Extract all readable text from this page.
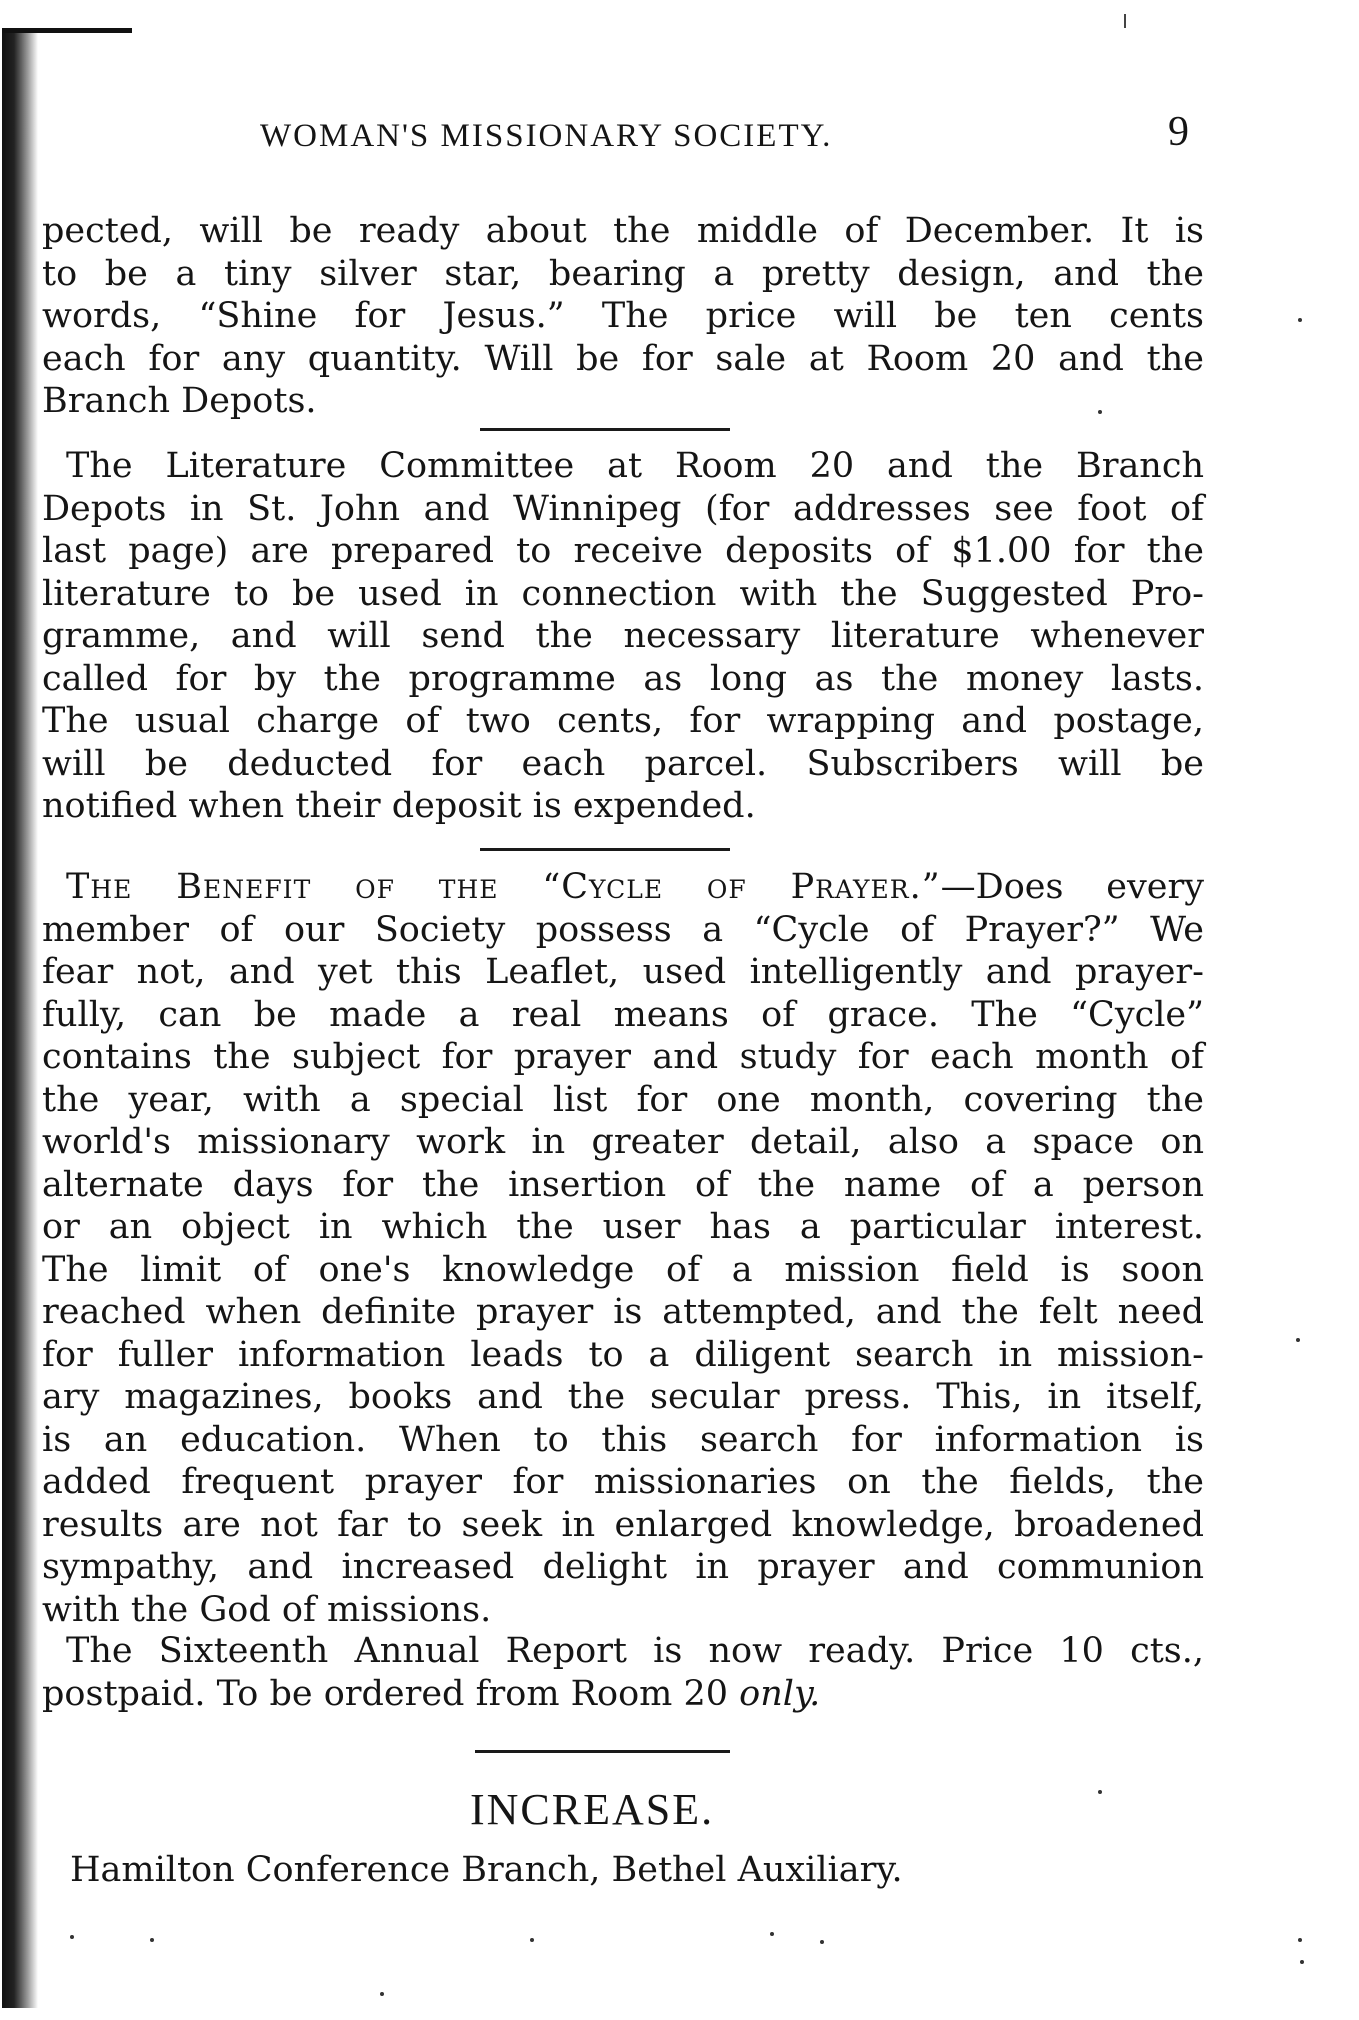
WOMAN'S MISSIONARY SOCIETY.	9
pected, will be ready about the middle of December. It is
to be a tiny silver star, bearing a pretty design, and the
words, “Shine for Jesus.” The price will be ten cents
each for any quantity. Will be for sale at Room 20 and the
Branch Depots.
The Literature Committee at Room 20 and the Branch
Depots in St. John and Winnipeg (for addresses see foot of
last page) are prepared to receive deposits of $1.00 for the
literature to be used in connection with the Suggested Pro-
gramme, and will send the necessary literature whenever
called for by the programme as long as the money lasts.
The usual charge of two cents, for wrapping and postage,
will be deducted for each parcel. Subscribers will be
notified when their deposit is expended.
The Benefit of the “Cycle of Prayer.”—Does every
member of our Society possess a “Cycle of Prayer?” We
fear not, and yet this Leaflet, used intelligently and prayer-
fully, can be made a real means of grace. The “Cycle”
contains the subject for prayer and study for each month of
the year, with a special list for one month, covering the
world's missionary work in greater detail, also a space on
alternate days for the insertion of the name of a person
or an object in which the user has a particular interest.
The limit of one's knowledge of a mission field is soon
reached when definite prayer is attempted, and the felt need
for fuller information leads to a diligent search in mission-
ary magazines, books and the secular press. This, in itself,
is an education. When to this search for information is
added frequent prayer for missionaries on the fields, the
results are not far to seek in enlarged knowledge, broadened
sympathy, and increased delight in prayer and communion
with the God of missions.
The Sixteenth Annual Report is now ready. Price 10 cts.,
postpaid. To be ordered from Room 20 only.
INCREASE.
Hamilton Conference Branch, Bethel Auxiliary.
